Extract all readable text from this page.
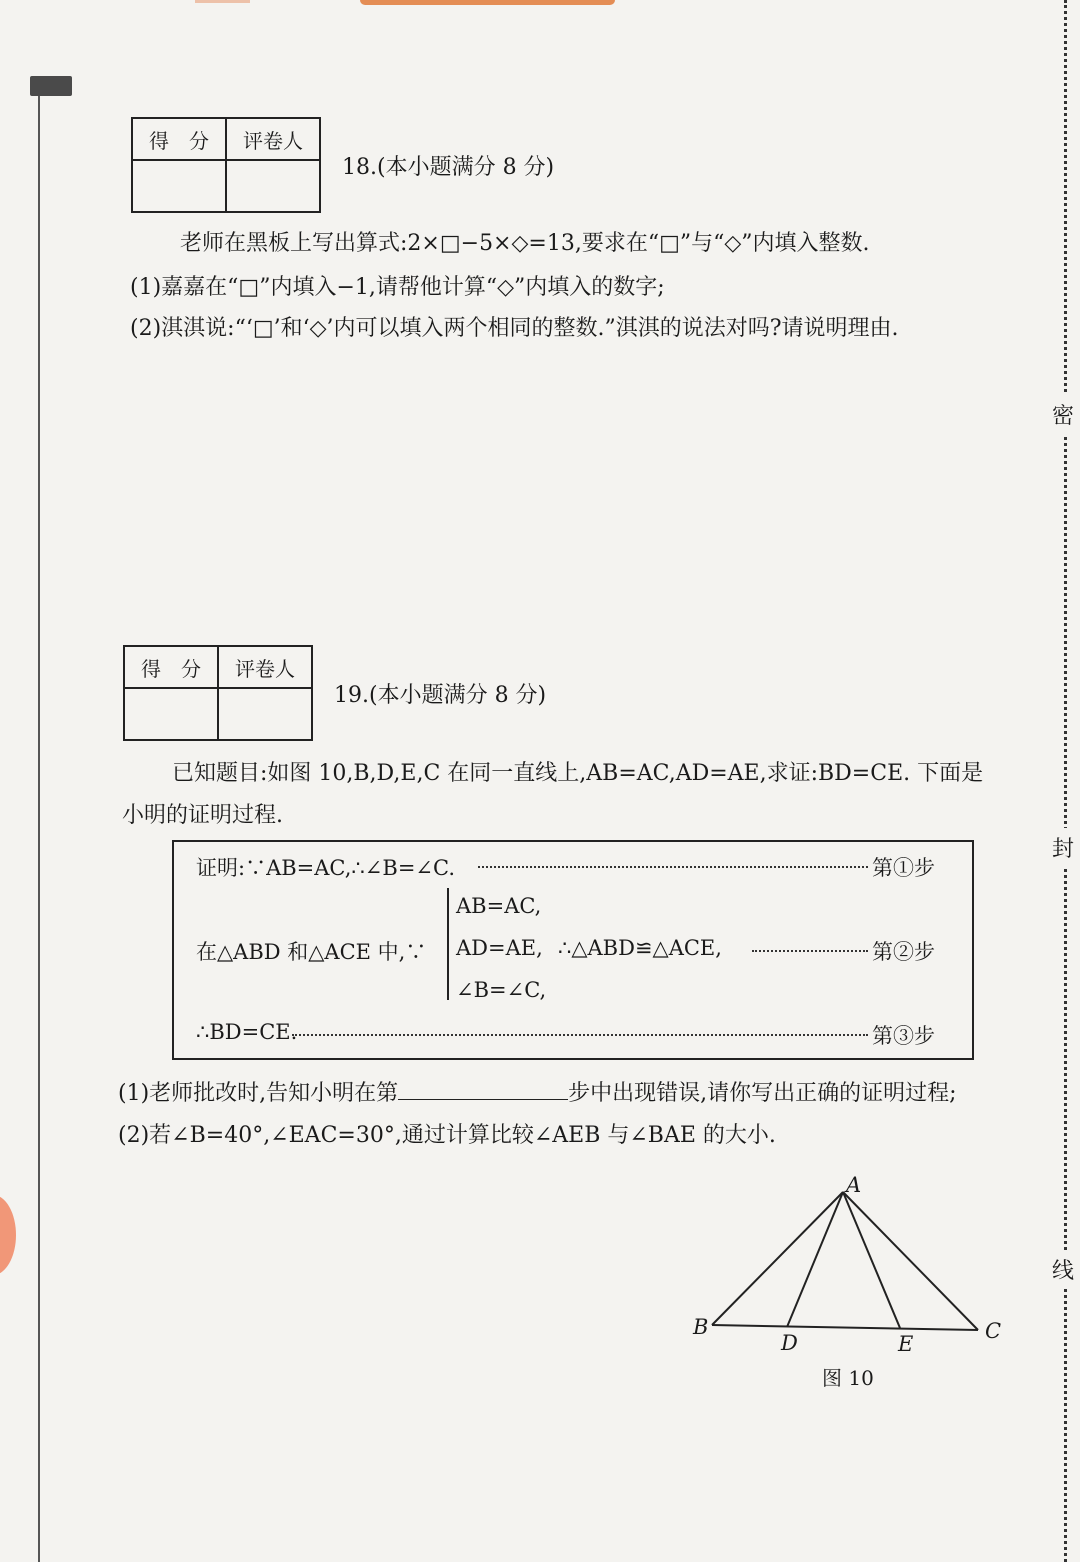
密
封
线
得　分	评卷人

18.(本小题满分 8 分)
老师在黑板上写出算式:2×□−5×◇=13,要求在“□”与“◇”内填入整数.
(1)嘉嘉在“□”内填入−1,请帮他计算“◇”内填入的数字;
(2)淇淇说:“‘□’和‘◇’内可以填入两个相同的整数.”淇淇的说法对吗?请说明理由.
得　分	评卷人

19.(本小题满分 8 分)
已知题目:如图 10,B,D,E,C 在同一直线上,AB=AC,AD=AE,求证:BD=CE. 下面是
小明的证明过程.
证明:∵AB=AC,∴∠B=∠C.	第①步
在△ABD 和△ACE 中,∵
AB=AC,
AD=AE,
∠B=∠C,
∴△ABD≌△ACE,	第②步
∴BD=CE.	第③步
(1)老师批改时,告知小明在第	步中出现错误,请你写出正确的证明过程;
(2)若∠B=40°,∠EAC=30°,通过计算比较∠AEB 与∠BAE 的大小.
A
B
D	E
C
图 10
